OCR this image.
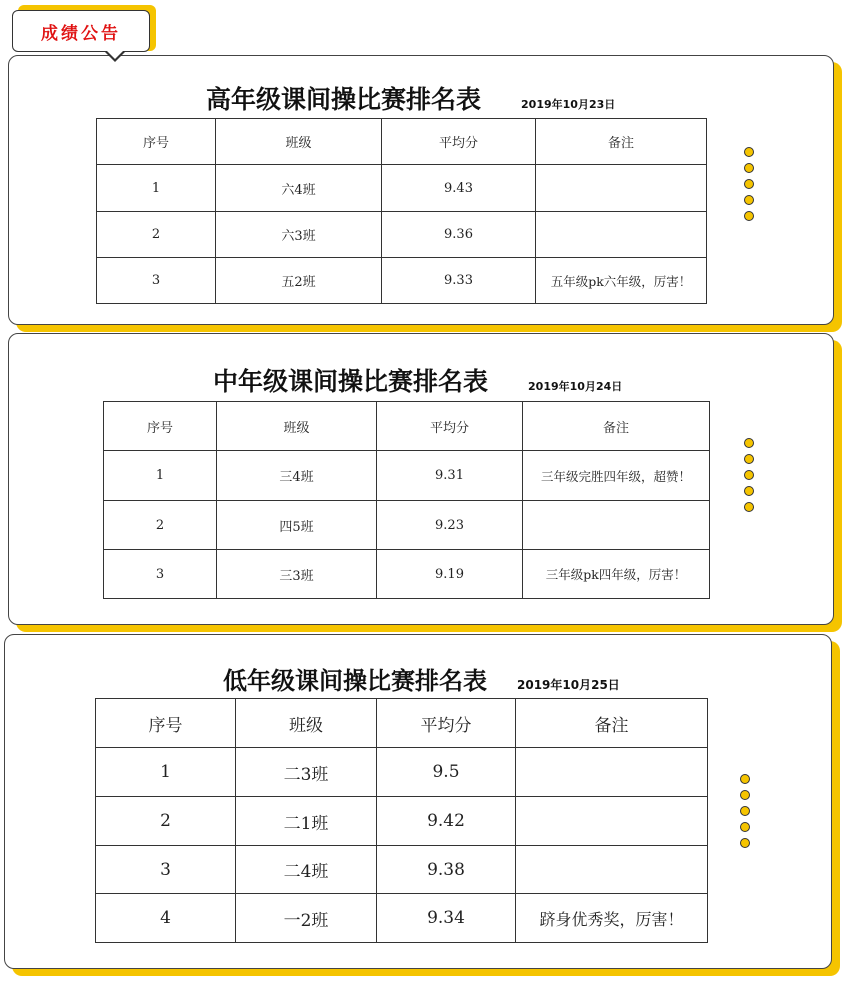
成绩公告
高年级课间操比赛排名表	2019年10月23日
序号	班级	平均分	备注
1	六4班	9.43	
2	六3班	9.36	
3	五2班	9.33	五年级pk六年级，厉害！
中年级课间操比赛排名表	2019年10月24日
序号	班级	平均分	备注
1	三4班	9.31	三年级完胜四年级，超赞！
2	四5班	9.23	
3	三3班	9.19	三年级pk四年级，厉害！
低年级课间操比赛排名表	2019年10月25日
序号	班级	平均分	备注
1	二3班	9.5	
2	二1班	9.42	
3	二4班	9.38	
4	一2班	9.34	跻身优秀奖，厉害！
